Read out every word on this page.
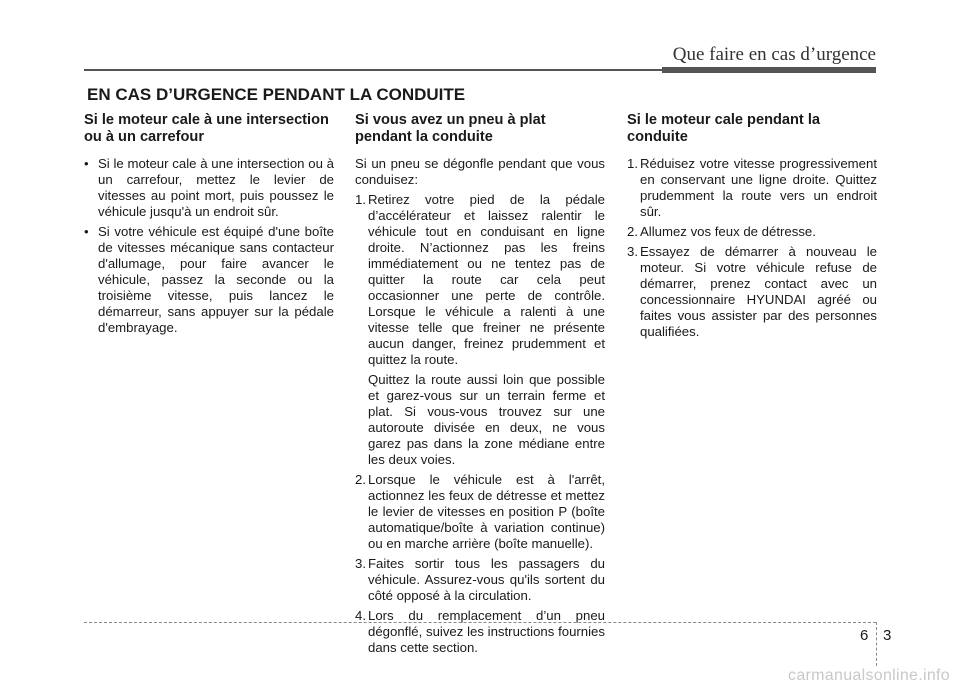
Que faire en cas d’urgence
EN CAS D’URGENCE PENDANT LA CONDUITE
Si le moteur cale à une intersection ou à un carrefour
• Si le moteur cale à une intersection ou à un carrefour, mettez le levier de vitesses au point mort, puis poussez le véhicule jusqu'à un endroit sûr.
• Si votre véhicule est équipé d'une boîte de vitesses mécanique sans contacteur d'allumage, pour faire avancer le véhicule, passez la seconde ou la troisième vitesse, puis lancez le démarreur, sans appuyer sur la pédale d'embrayage.
Si vous avez un pneu à plat pendant la conduite

Si un pneu se dégonfle pendant que vous conduisez:

1. Retirez votre pied de la pédale d’accélérateur et laissez ralentir le véhicule tout en conduisant en ligne droite. N’actionnez pas les freins immédiatement ou ne tentez pas de quitter la route car cela peut occasionner une perte de contrôle. Lorsque le véhicule a ralenti à une vitesse telle que freiner ne présente aucun danger, freinez prudemment et quittez la route.

Quittez la route aussi loin que possible et garez-vous sur un terrain ferme et plat. Si vous-vous trouvez sur une autoroute divisée en deux, ne vous garez pas dans la zone médiane entre les deux voies.

2. Lorsque le véhicule est à l'arrêt, actionnez les feux de détresse et mettez le levier de vitesses en position P (boîte automatique/boîte à variation continue) ou en marche arrière (boîte manuelle).
3. Faites sortir tous les passagers du véhicule. Assurez-vous qu'ils sortent du côté opposé à la circulation.
4. Lors du remplacement d’un pneu dégonflé, suivez les instructions fournies dans cette section.
Si le moteur cale pendant la conduite
1. Réduisez votre vitesse progressivement en conservant une ligne droite. Quittez prudemment la route vers un endroit sûr.
2. Allumez vos feux de détresse.
3. Essayez de démarrer à nouveau le moteur. Si votre véhicule refuse de démarrer, prenez contact avec un concessionnaire HYUNDAI agréé ou faites vous assister par des personnes qualifiées.
6 3
carmanualsonline.info
